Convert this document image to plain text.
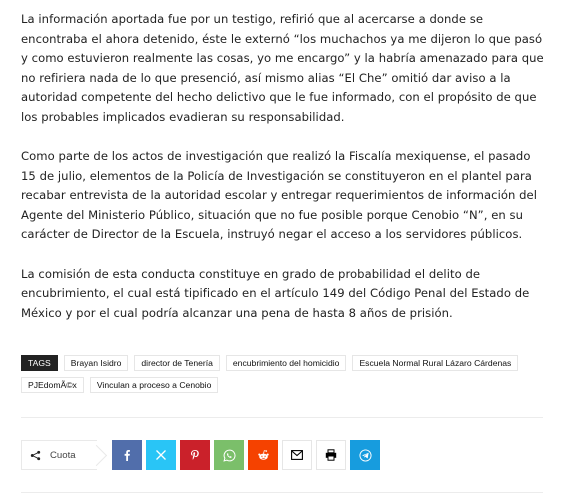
La información aportada fue por un testigo, refirió que al acercarse a donde se encontraba el ahora detenido, éste le externó “los muchachos ya me dijeron lo que pasó y como estuvieron realmente las cosas, yo me encargo” y la habría amenazado para que no refiriera nada de lo que presenció, así mismo alias “El Che” omitió dar aviso a la autoridad competente del hecho delictivo que le fue informado, con el propósito de que los probables implicados evadieran su responsabilidad.

Como parte de los actos de investigación que realizó la Fiscalía mexiquense, el pasado 15 de julio, elementos de la Policía de Investigación se constituyeron en el plantel para recabar entrevista de la autoridad escolar y entregar requerimientos de información del Agente del Ministerio Público, situación que no fue posible porque Cenobio “N”, en su carácter de Director de la Escuela, instruyó negar el acceso a los servidores públicos.

La comisión de esta conducta constituye en grado de probabilidad el delito de encubrimiento, el cual está tipificado en el artículo 149 del Código Penal del Estado de México y por el cual podría alcanzar una pena de hasta 8 años de prisión.

TAGS	Brayan Isidro	director de Tenería	encubrimiento del homicidio	Escuela Normal Rural Lázaro Cárdenas
PJEdomÃ©x	Vinculan a proceso a Cenobio
Cuota
